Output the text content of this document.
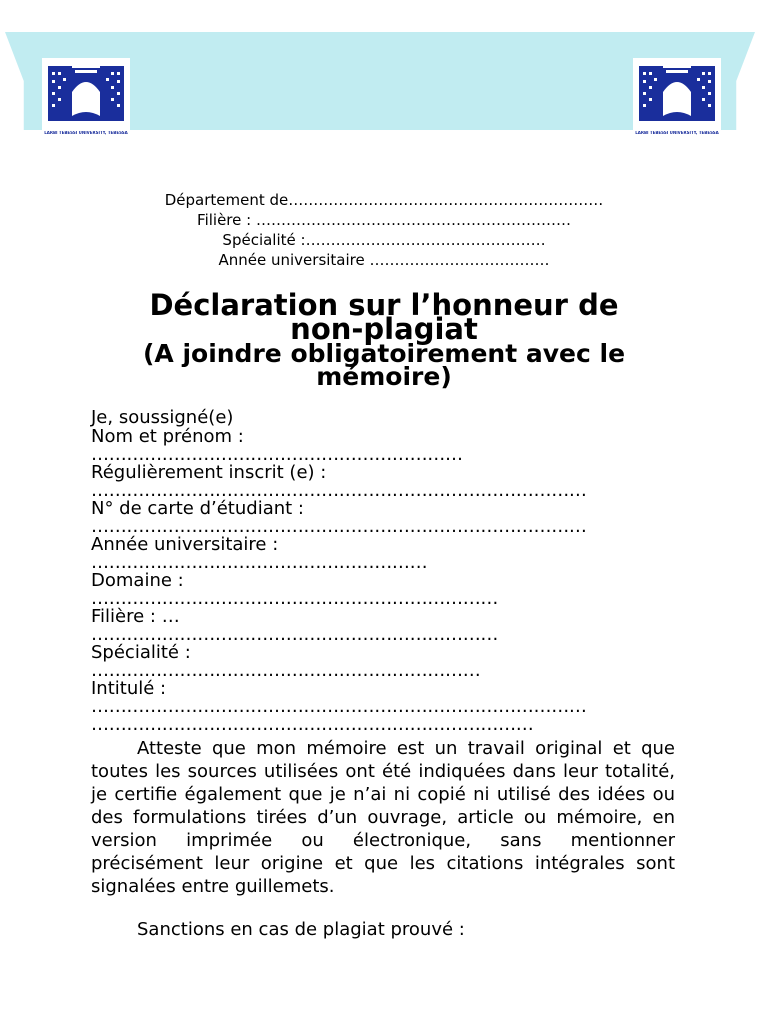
LARBI TEBESSI UNIVERSITY, TEBESSA	LARBI TEBESSI UNIVERSITY, TEBESSA
Département de………………………………………………………
Filière : ………………………………………………………
Spécialité :…………………………………………
Année universitaire ………………………………
Déclaration sur l’honneur de
non-plagiat
(A joindre obligatoirement avec le
mémoire)
Je, soussigné(e)
Nom et prénom :
………………………………………………………
Régulièrement inscrit (e) :
…………………………………………………………………………
N° de carte d’étudiant :
…………………………………………………………………………
Année universitaire :
…………………………………………………
Domaine :
……………………………………………………………
Filière : …
……………………………………………………………
Spécialité :
…………………………………………………………
Intitulé :
…………………………………………………………………………
…………………………………………………………………
Atteste que mon mémoire est un travail original et que toutes les sources utilisées ont été indiquées dans leur totalité, je certifie également que je n’ai ni copié ni utilisé des idées ou des formulations tirées d’un ouvrage, article ou mémoire, en version imprimée ou électronique, sans mentionner précisément leur origine et que les citations intégrales sont signalées entre guillemets.
Sanctions en cas de plagiat prouvé :
